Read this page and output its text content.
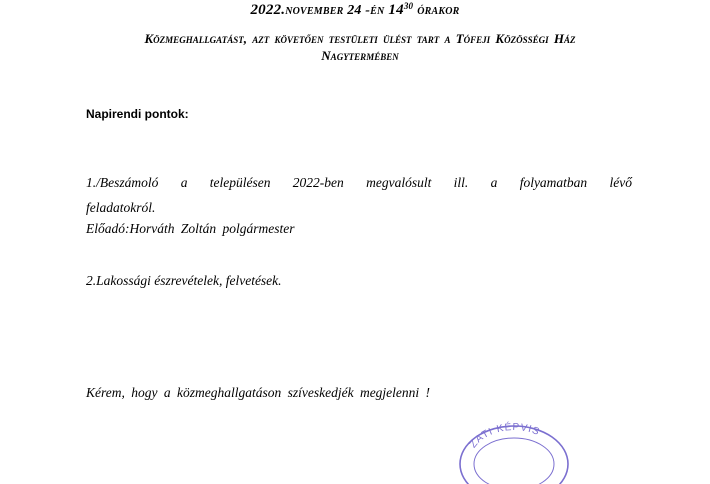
2022.november 24 -én $14^{30}$ órakor
Közmeghallgatást, azt követően testületi ülést tart a Tófeji Közösségi Ház
Nagytermében
Napirendi pontok:
1./Beszámoló a településen 2022-ben megvalósult ill. a folyamatban lévő
feladatokról.
Előadó:Horváth Zoltán polgármester
2.Lakossági észrevételek, felvetések.
Kérem, hogy a közmeghallgatáson szíveskedjék megjelenni !
ZATI KÉPVIS
